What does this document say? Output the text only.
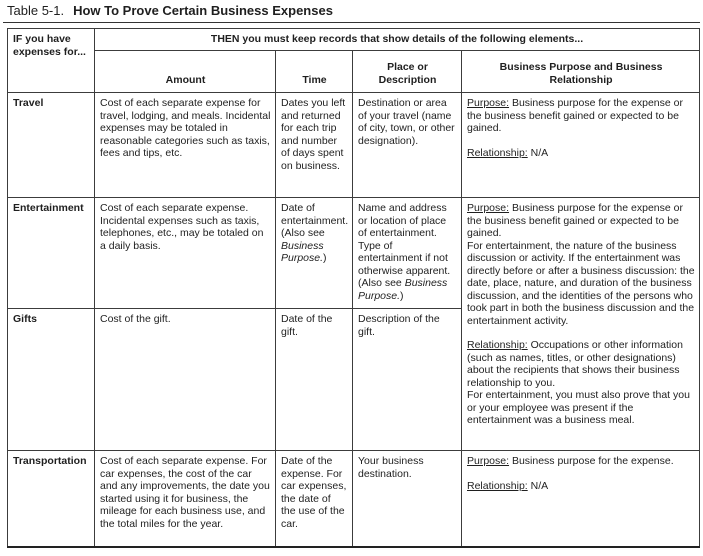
Table 5-1. How To Prove Certain Business Expenses
IF you have expenses for...	THEN you must keep records that show details of the following elements...			
	Amount	Time	Place or Description	Business Purpose and Business Relationship
Travel	Cost of each separate expense for travel, lodging, and meals. Incidental expenses may be totaled in reasonable categories such as taxis, fees and tips, etc.	Dates you left and returned for each trip and number of days spent on business.	Destination or area of your travel (name of city, town, or other designation).	Purpose: Business purpose for the expense or the business benefit gained or expected to be gained.
Relationship: N/A

Entertainment	Cost of each separate expense. Incidental expenses such as taxis, telephones, etc., may be totaled on a daily basis.	Date of entertainment. (Also see Business Purpose.)	Name and address or location of place of entertainment. Type of entertainment if not otherwise apparent. (Also see Business Purpose.)	Purpose: Business purpose for the expense or the business benefit gained or expected to be gained.
For entertainment, the nature of the business discussion or activity. If the entertainment was directly before or after a business discussion: the date, place, nature, and duration of the business discussion, and the identities of the persons who took part in both the business discussion and the entertainment activity.
Relationship: Occupations or other information (such as names, titles, or other designations) about the recipients that shows their business relationship to you.
For entertainment, you must also prove that you or your employee was present if the entertainment was a business meal.

Gifts	Cost of the gift.	Date of the gift.	Description of the gift.	

Transportation	Cost of each separate expense. For car expenses, the cost of the car and any improvements, the date you started using it for business, the mileage for each business use, and the total miles for the year.	Date of the expense. For car expenses, the date of the use of the car.	Your business destination.	Purpose: Business purpose for the expense.
Relationship: N/A
